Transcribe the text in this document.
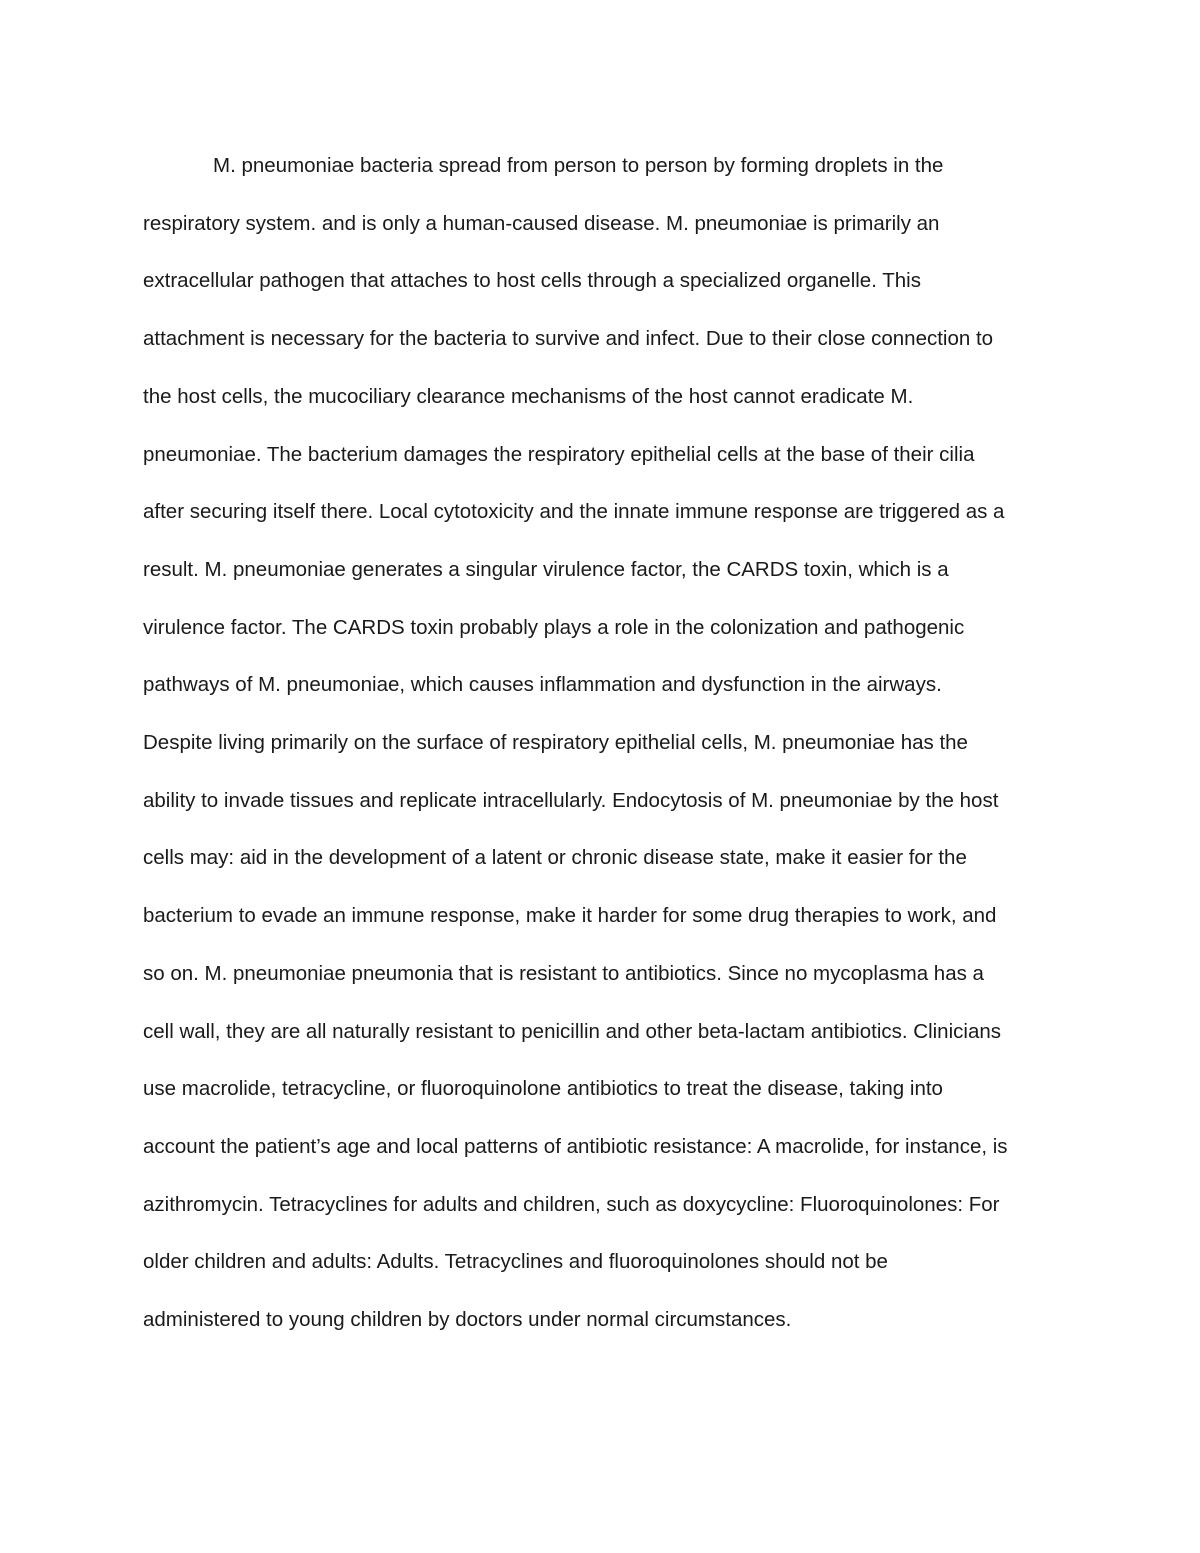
M. pneumoniae bacteria spread from person to person by forming droplets in the
respiratory system. and is only a human-caused disease. M. pneumoniae is primarily an
extracellular pathogen that attaches to host cells through a specialized organelle. This
attachment is necessary for the bacteria to survive and infect. Due to their close connection to
the host cells, the mucociliary clearance mechanisms of the host cannot eradicate M.
pneumoniae. The bacterium damages the respiratory epithelial cells at the base of their cilia
after securing itself there. Local cytotoxicity and the innate immune response are triggered as a
result. M. pneumoniae generates a singular virulence factor, the CARDS toxin, which is a
virulence factor. The CARDS toxin probably plays a role in the colonization and pathogenic
pathways of M. pneumoniae, which causes inflammation and dysfunction in the airways.
Despite living primarily on the surface of respiratory epithelial cells, M. pneumoniae has the
ability to invade tissues and replicate intracellularly. Endocytosis of M. pneumoniae by the host
cells may: aid in the development of a latent or chronic disease state, make it easier for the
bacterium to evade an immune response, make it harder for some drug therapies to work, and
so on. M. pneumoniae pneumonia that is resistant to antibiotics. Since no mycoplasma has a
cell wall, they are all naturally resistant to penicillin and other beta-lactam antibiotics. Clinicians
use macrolide, tetracycline, or fluoroquinolone antibiotics to treat the disease, taking into
account the patient’s age and local patterns of antibiotic resistance: A macrolide, for instance, is
azithromycin. Tetracyclines for adults and children, such as doxycycline: Fluoroquinolones: For
older children and adults: Adults. Tetracyclines and fluoroquinolones should not be
administered to young children by doctors under normal circumstances.
